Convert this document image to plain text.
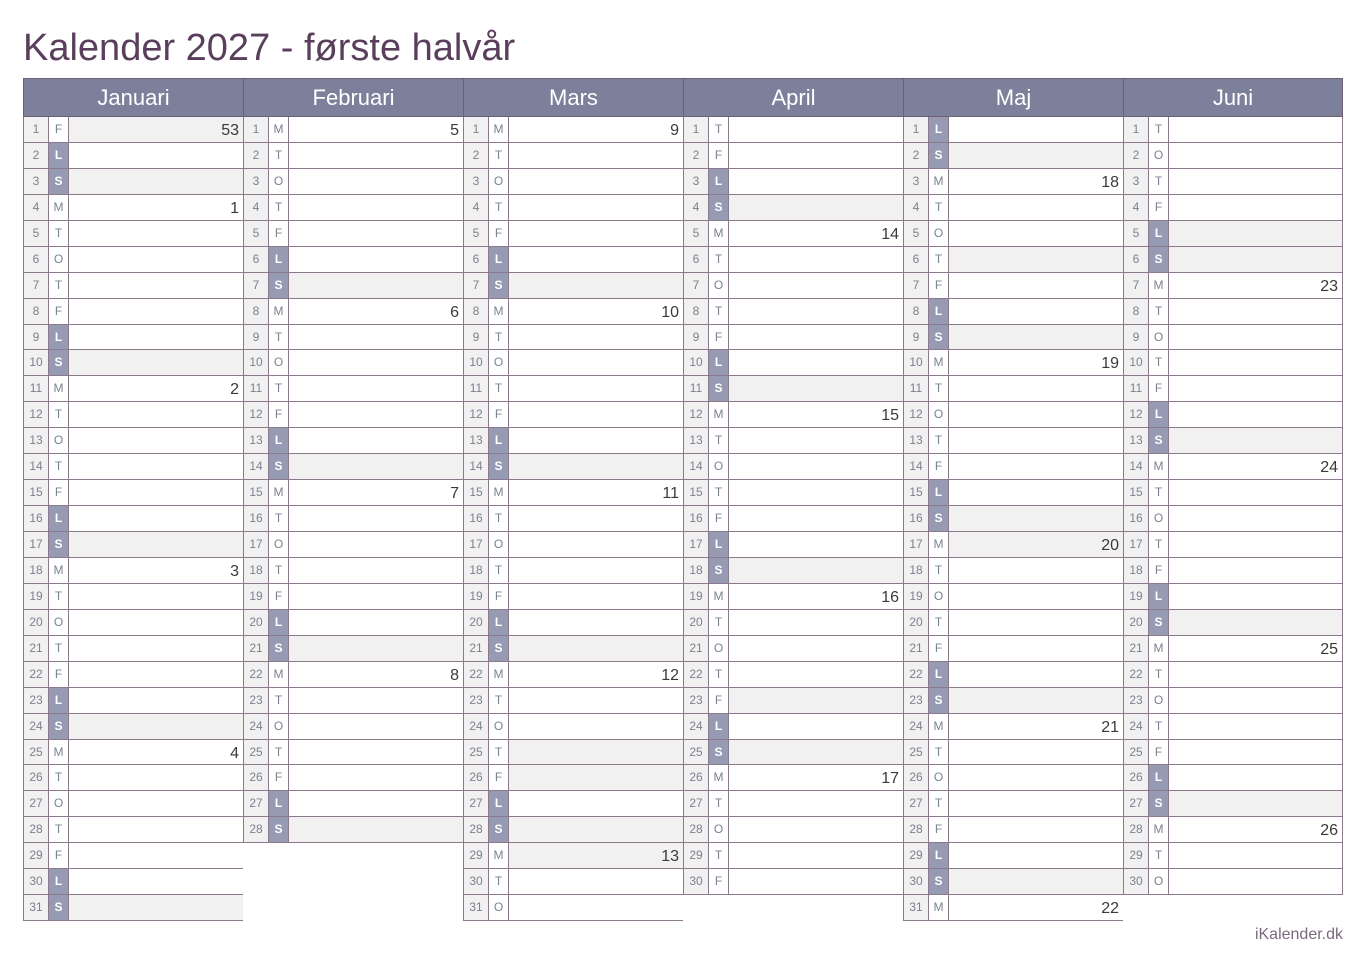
Kalender 2027 - første halvår
Januari
1	F	53
2	L
3	S
4	M	1
5	T
6	O
7	T
8	F
9	L
10 S
11 M	2
12	T
13 O
14	T
15	F
16	L
17 S
18 M	3
19	T
20 O
21	T
22	F
23	L
24 S
25 M	4
26	T
27 O
28	T
29	F
30	L
31 S
Februari
1	M	5
2	T
3	O
4	T
5	F
6	L
7	S
8	M	6
9	T
10 O
11	T
12	F
13	L
14 S
15 M	7
16	T
17 O
18	T
19	F
20	L
21 S
22 M	8
23	T
24 O
25	T
26	F
27	L
28 S
Mars
1	M	9
2	T
3	O
4	T
5	F
6	L
7	S
8	M	10
9	T
10 O
11	T
12	F
13	L
14 S
15 M	11
16	T
17 O
18	T
19	F
20	L
21 S
22 M	12
23	T
24 O
25	T
26	F
27	L
28 S
29 M	13
30	T
31 O
April
1	T
2	F
3	L
4	S
5	M	14
6	T
7	O
8	T
9	F
10	L
11	S
12 M	15
13	T
14 O
15	T
16	F
17	L
18 S
19 M	16
20	T
21 O
22	T
23	F
24	L
25 S
26 M	17
27	T
28 O
29	T
30	F
Maj
1	L
2	S
3	M	18
4	T
5	O
6	T
7	F
8	L
9	S
10 M	19
11	T
12 O
13	T
14	F
15	L
16 S
17 M	20
18	T
19 O
20	T
21	F
22	L
23 S
24 M	21
25	T
26 O
27	T
28	F
29	L
30 S
31 M	22
Juni
1	T
2	O
3	T
4	F
5	L
6	S
7	M	23
8	T
9	O
10	T
11	F
12	L
13 S
14 M	24
15	T
16 O
17	T
18	F
19	L
20 S
21 M	25
22	T
23 O
24	T
25	F
26	L
27 S
28 M	26
29	T
30 O
iKalender.dk
